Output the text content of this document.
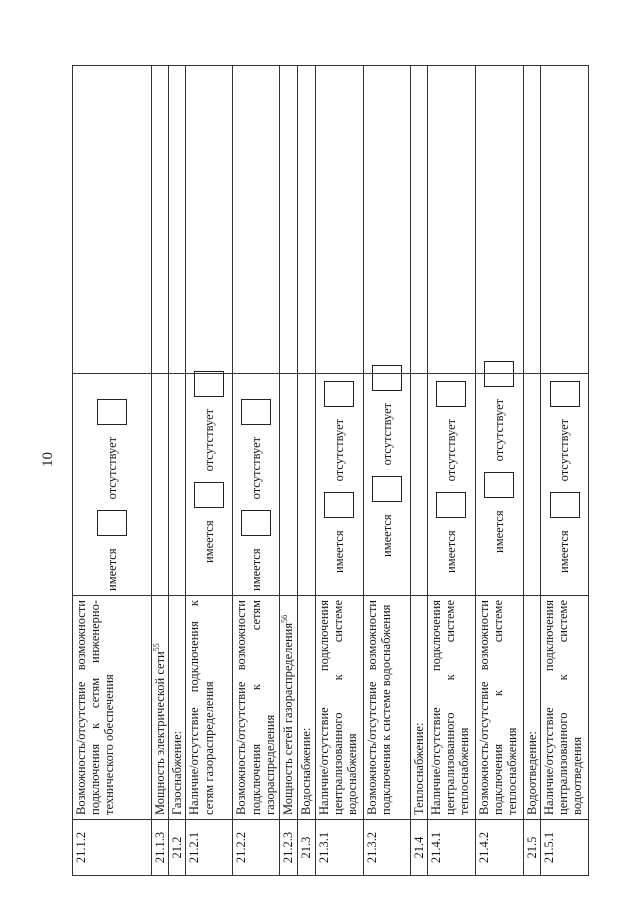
10
21.1.2	Возможность/отсутствие возможности подключения к сетям инженерно-технического обеспечения	имеется
отсутствует	

21.1.3	Мощность электрической сети$^{55}$		
21.2	Газоснабжение:		
21.2.1	Наличие/отсутствие подключения к сетям газораспределения	имеется
отсутствует	

21.2.2	Возможность/отсутствие возможности подключения к сетям газораспределения	имеется
отсутствует	

21.2.3	Мощность сетей газораспределения$^{56}$		
21.3	Водоснабжение:		
21.3.1	Наличие/отсутствие подключения централизованного к системе водоснабжения	имеется
отсутствует	

21.3.2	Возможность/отсутствие возможности подключения к системе водоснабжения	имеется
отсутствует	

21.4	Теплоснабжение:		
21.4.1	Наличие/отсутствие подключения централизованного к системе теплоснабжения	имеется
отсутствует	

21.4.2	Возможность/отсутствие возможности подключения к системе теплоснабжения	имеется
отсутствует	

21.5	Водоотведение:		
21.5.1	Наличие/отсутствие подключения централизованного к системе водоотведения	имеется
отсутствует	
